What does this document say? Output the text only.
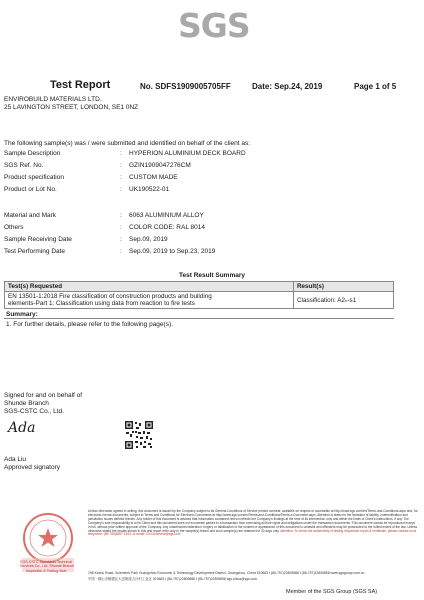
SGS
Test Report	No. SDFS1909005705FF	Date: Sep.24, 2019	Page 1 of 5
ENVIROBUILD MATERIALS LTD.
25 LAVINGTON STREET, LONDON, SE1 0NZ
The following sample(s) was / were submitted and identified on behalf of the client as:
Sample Description	: HYPERION ALUMINIUM DECK BOARD
SGS Ref. No.	: GZIN1909047276CM
Product specification	: CUSTOM MADE
Product or Lot No.	: UK190522-01
Material and Mark	: 6063 ALUMINIUM ALLOY
Others	: COLOR CODE: RAL 8014
Sample Receiving Date	: Sep.09, 2019
Test Performing Date	: Sep.09, 2019 to Sep.23, 2019
Test Result Summary
Test(s) Requested	Result(s)

EN 13501-1:2018 Fire classification of construction products and building
elements-Part 1: Classification using data from reaction to fire tests	Classification: A2ₙ-s1
Summary:
1. For further details, please refer to the following page(s).
Signed for and on behalf of
Shunde Branch
SGS-CSTC Co., Ltd.
Ada
Ada Liu
Approved signatory
SGS-CSTC Standards Technical Services Co., Ltd. Shunde Branch
Inspection & Testing Seal
Unless otherwise agreed in writing, this document is issued by the Company subject to its General Conditions of Service printed overleaf, available on request or accessible at http://www.sgs.com/en/Terms-and-Conditions.aspx and, for electronic format documents, subject to Terms and Conditions for Electronic Documents at http://www.sgs.com/en/Terms-and-Conditions/Terms-e-Document.aspx. Attention is drawn to the limitation of liability, indemnification and jurisdiction issues defined therein. Any holder of this document is advised that information contained hereon reflects the Company's findings at the time of its intervention only and within the limits of Client's instructions, if any. The Company's sole responsibility is to its Client and this document does not exonerate parties to a transaction from exercising all their rights and obligations under the transaction documents. This document cannot be reproduced except in full, without prior written approval of the Company. Any unauthorized alteration, forgery or falsification of the content or appearance of this document is unlawful and offenders may be prosecuted to the fullest extent of the law. Unless otherwise stated the results shown in this test report refer only to the sample(s) tested and such sample(s) are retained for 30 days only. Attention: To check the authenticity of testing /inspection report & certificate, please contact us at telephone: (86-755)8307 1443, or email: CN.Doccheck@sgs.com
198 Kezhu Road, Scientech Park Guangzhou Economic & Technology Development District, Guangzhou, China 510663 t (86-757)22805888 f (86-757)22805858 www.sgsgroup.com.cn
中国 · 佛山市顺德区大良街道五沙村工业区 510663 t (86-757)22805888 f (86-757)22805858 sgs.china@sgs.com
Member of the SGS Group (SGS SA)
